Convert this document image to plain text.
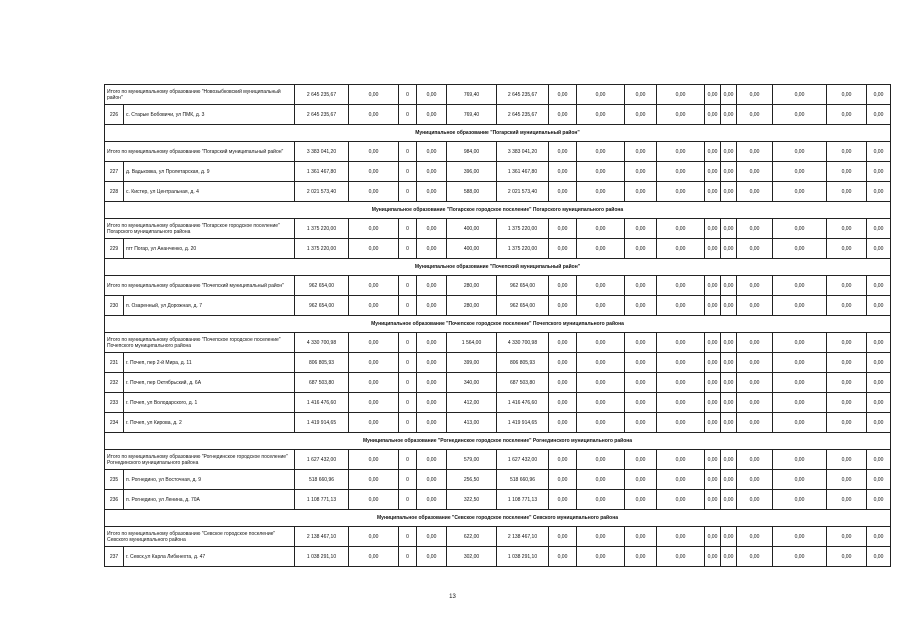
Итого по муниципальному образованию "Новозыбковский муниципальный район"		2 645 235,67	0,00	0	0,00	769,40	2 645 235,67	0,00	0,00	0,00	0,00	0,00	0,00	0,00	0,00	0,00	0,00	
226	с. Старые Бобовичи, ул ПМК, д. 3	2 645 235,67	0,00	0	0,00	769,40	2 645 235,67	0,00	0,00	0,00	0,00	0,00	0,00	0,00	0,00	0,00	0,00	
Муниципальное образование "Погарский муниципальный район"																		
Итого по муниципальному образованию "Погарский муниципальный район"		3 383 041,20	0,00	0	0,00	984,00	3 383 041,20	0,00	0,00	0,00	0,00	0,00	0,00	0,00	0,00	0,00	0,00	
227	д. Вадьковка, ул Пролетарская, д. 9	1 361 467,80	0,00	0	0,00	396,00	1 361 467,80	0,00	0,00	0,00	0,00	0,00	0,00	0,00	0,00	0,00	0,00	
228	с. Кистер, ул Центральная, д. 4	2 021 573,40	0,00	0	0,00	588,00	2 021 573,40	0,00	0,00	0,00	0,00	0,00	0,00	0,00	0,00	0,00	0,00	
Муниципальное образование "Погарское городское поселение" Погарского муниципального района																		
Итого по муниципальному образованию "Погарское городское поселение" Погарского муниципального района		1 375 220,00	0,00	0	0,00	400,00	1 375 220,00	0,00	0,00	0,00	0,00	0,00	0,00	0,00	0,00	0,00	0,00	
229	пгт Погар, ул Ананченко, д. 20	1 375 220,00	0,00	0	0,00	400,00	1 375 220,00	0,00	0,00	0,00	0,00	0,00	0,00	0,00	0,00	0,00	0,00	
Муниципальное образование "Почепский муниципальный район"																		
Итого по муниципальному образованию "Почепский муниципальный район"		962 654,00	0,00	0	0,00	280,00	962 654,00	0,00	0,00	0,00	0,00	0,00	0,00	0,00	0,00	0,00	0,00	
230	п. Озаренный, ул Дорожная, д. 7	962 654,00	0,00	0	0,00	280,00	962 654,00	0,00	0,00	0,00	0,00	0,00	0,00	0,00	0,00	0,00	0,00	
Муниципальное образование "Почепское городское поселение" Почепского муниципального района																		
Итого по муниципальному образованию "Почепское городское поселение" Почепского муниципального района		4 330 700,98	0,00	0	0,00	1 564,00	4 330 700,98	0,00	0,00	0,00	0,00	0,00	0,00	0,00	0,00	0,00	0,00	
231	г. Почеп, пер 2-й Мира, д. 11	806 805,93	0,00	0	0,00	399,00	806 805,93	0,00	0,00	0,00	0,00	0,00	0,00	0,00	0,00	0,00	0,00	
232	г. Почеп, пер Октябрьский, д. 6А	687 503,80	0,00	0	0,00	340,00	687 503,80	0,00	0,00	0,00	0,00	0,00	0,00	0,00	0,00	0,00	0,00	
233	г. Почеп, ул Володарского, д. 1	1 416 476,60	0,00	0	0,00	412,00	1 416 476,60	0,00	0,00	0,00	0,00	0,00	0,00	0,00	0,00	0,00	0,00	
234	г. Почеп, ул Кирова, д. 2	1 419 914,65	0,00	0	0,00	413,00	1 419 914,65	0,00	0,00	0,00	0,00	0,00	0,00	0,00	0,00	0,00	0,00	
Муниципальное образование "Рогнединское городское поселение" Рогнединского муниципального района																		
Итого по муниципальному образованию "Рогнединское городское поселение" Рогнединского муниципального района		1 627 432,00	0,00	0	0,00	579,00	1 627 432,00	0,00	0,00	0,00	0,00	0,00	0,00	0,00	0,00	0,00	0,00	
235	п. Рогнедино, ул Восточная, д. 9	518 660,96	0,00	0	0,00	256,50	518 660,96	0,00	0,00	0,00	0,00	0,00	0,00	0,00	0,00	0,00	0,00	
236	п. Рогнедино, ул Ленина, д. 70А	1 108 771,13	0,00	0	0,00	322,50	1 108 771,13	0,00	0,00	0,00	0,00	0,00	0,00	0,00	0,00	0,00	0,00	
Муниципальное образование "Севское городское поселение" Севского муниципального района																		
Итого по муниципальному образованию "Севское городское поселение" Севского муниципального района		2 138 467,10	0,00	0	0,00	622,00	2 138 467,10	0,00	0,00	0,00	0,00	0,00	0,00	0,00	0,00	0,00	0,00	
237	г. Севск,ул Карла Либкнехта, д. 47	1 038 291,10	0,00	0	0,00	302,00	1 038 291,10	0,00	0,00	0,00	0,00	0,00	0,00	0,00	0,00	0,00	0,00	
13
